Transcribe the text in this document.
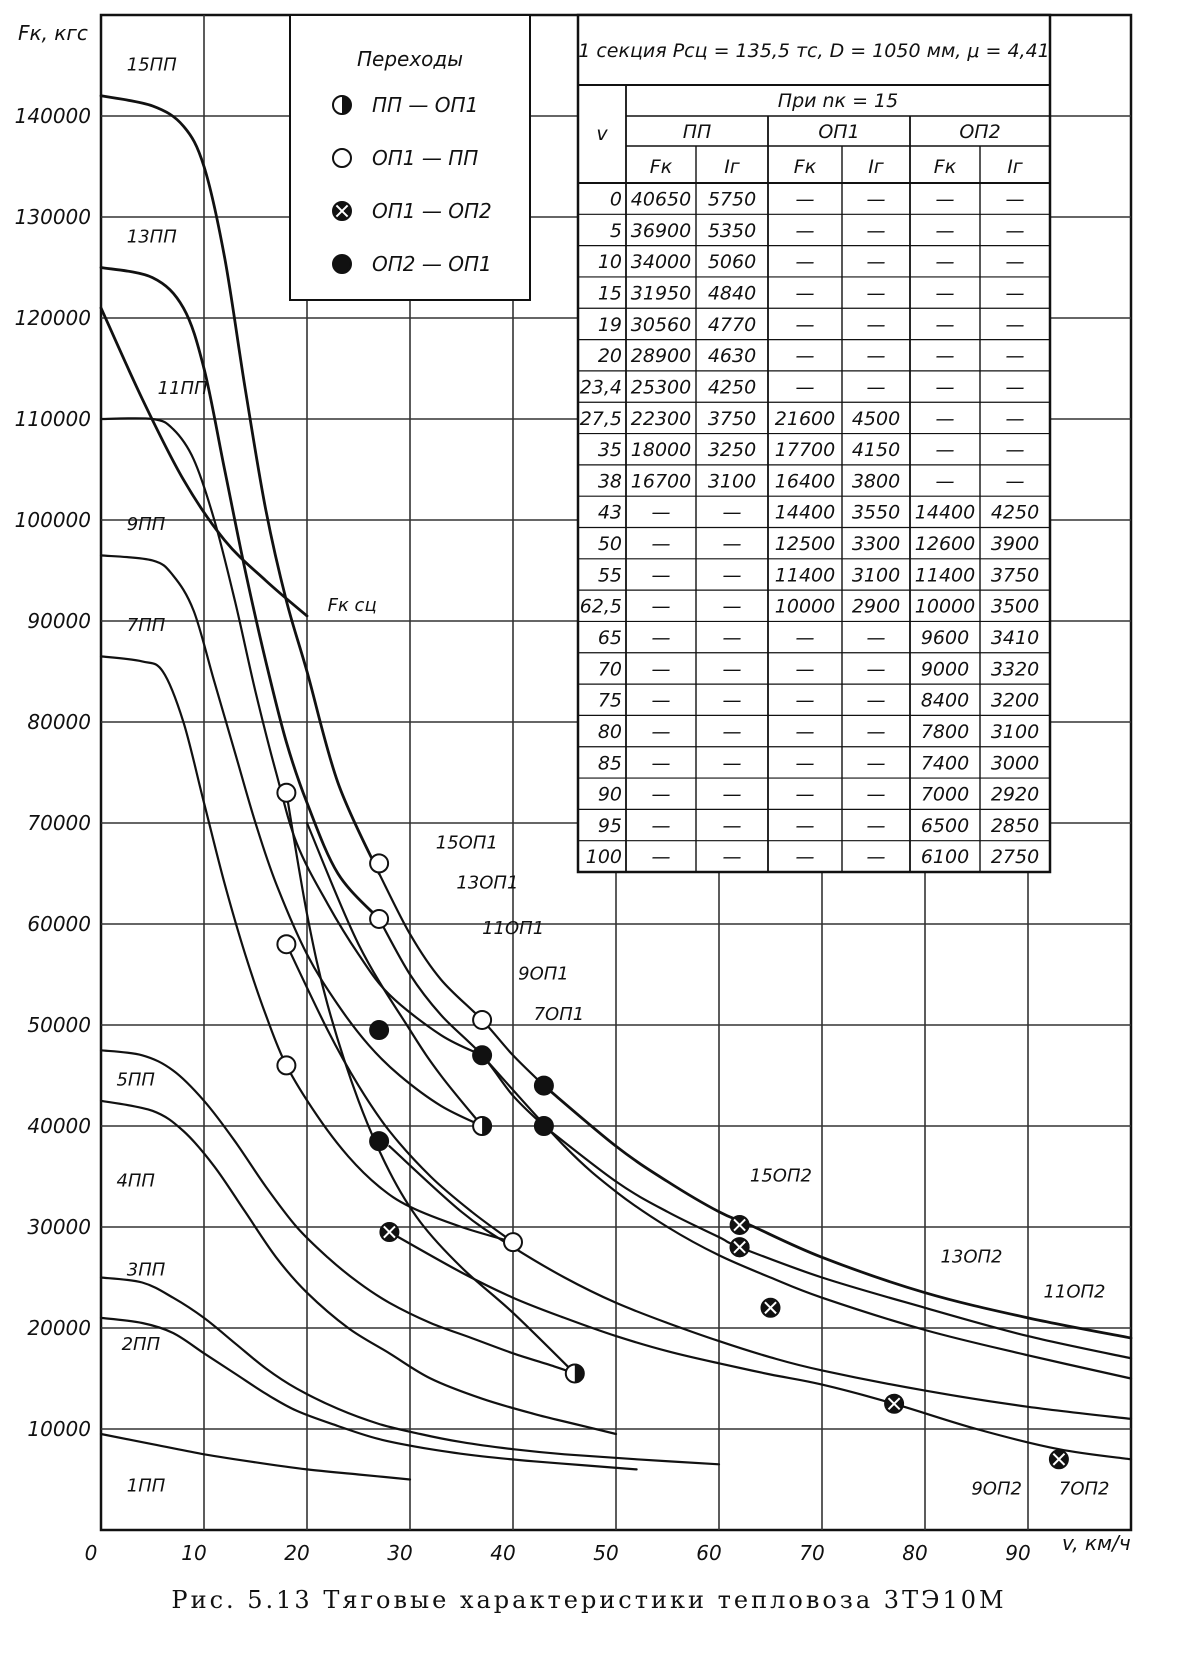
15ПП
13ПП
11ПП
9ПП
7ПП
5ПП
4ПП
3ПП
2ПП
1ПП
15ОП1
13ОП1
11ОП1
9ОП1
7ОП1
15ОП2
13ОП2
11ОП2
9ОП2 7ОП2
Fк сц
0	10	20	30	40	50	60	70	80	90
10000
20000
30000
40000
50000
60000
70000
80000
90000
100000
110000
120000
130000
140000
Переходы
ПП — ОП1
ОП1 — ПП
ОП1 — ОП2
ОП2 — ОП1
1 секция Pсц = 135,5 тс, D = 1050 мм, μ = 4,41
При nк = 15
v	ПП	ОП1	ОП2
Fк	Iг	Fк	Iг	Fк	Iг
0 40650 5750 —	—	—	—
5 36900 5350 —	—	—	—
10 34000 5060 —	—	—	—
15 31950 4840 —	—	—	—
19 30560 4770 —	—	—	—
20 28900 4630 —	—	—	—
23,4 25300 4250 —	—	—	—
27,5 22300 3750 21600 4500 —	—
35 18000 3250 17700 4150 —	—
38 16700 3100 16400 3800 —	—
43 —	— 14400 3550 14400 4250
50 —	— 12500 3300 12600 3900
55 —	— 11400 3100 11400 3750
62,5 —	— 10000 2900 10000 3500
65 —	—	—	— 9600 3410
70 —	—	—	— 9000 3320
75 —	—	—	— 8400 3200
80 —	—	—	— 7800 3100
85 —	—	—	— 7400 3000
90 —	—	—	— 7000 2920
95 —	—	—	— 6500 2850
100 —	—	—	— 6100 2750
Fк, кгс
v, км/ч
Рис. 5.13 Тяговые характеристики тепловоза 3ТЭ10М
